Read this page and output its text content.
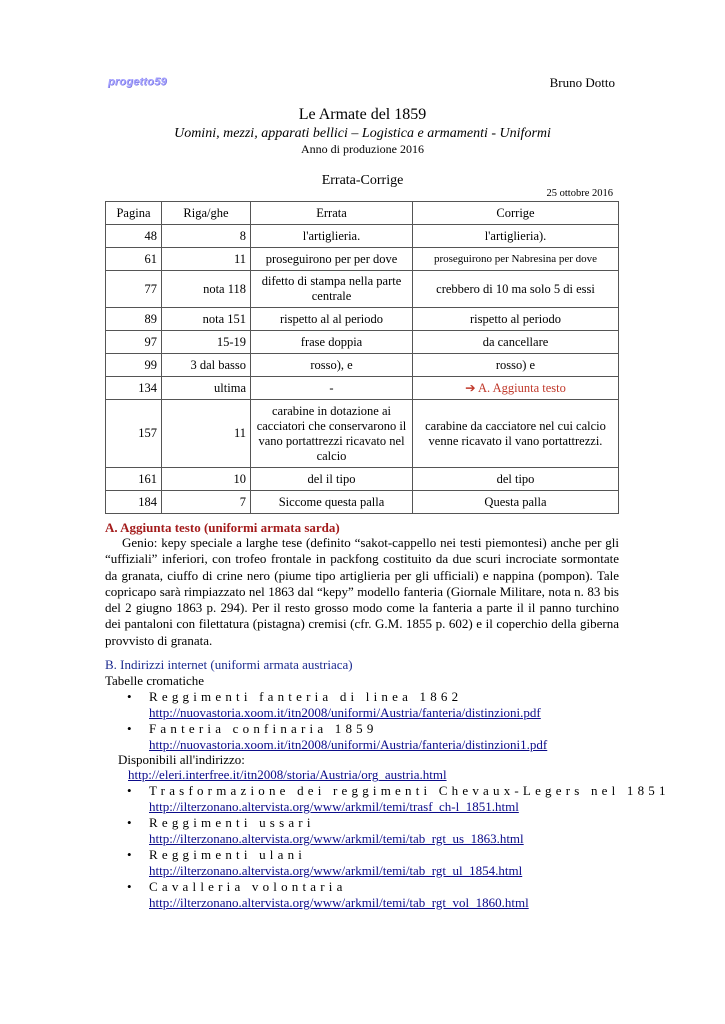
progetto59	Bruno Dotto
Le Armate del 1859
Uomini, mezzi, apparati bellici – Logistica e armamenti - Uniformi
Anno di produzione 2016
Errata-Corrige
25 ottobre 2016
Pagina	Riga/ghe	Errata	Corrige
48	8	l'artiglieria.	l'artiglieria).
61	11	proseguirono per per dove	proseguirono per Nabresina per dove
77	nota 118	difetto di stampa nella parte centrale	crebbero di 10 ma solo 5 di essi
89	nota 151	rispetto al al periodo	rispetto al periodo
97	15-19	frase doppia	da cancellare
99	3 dal basso	rosso), e	rosso) e
134	ultima	-	➔ A. Aggiunta testo
157	11	carabine in dotazione ai cacciatori che conservarono il vano portattrezzi ricavato nel calcio	carabine da cacciatore nel cui calcio venne ricavato il vano portattrezzi.
161	10	del il tipo	del tipo
184	7	Siccome questa palla	Questa palla
A. Aggiunta testo (uniformi armata sarda)
Genio: kepy speciale a larghe tese (definito “sakot-cappello nei testi piemontesi) anche per gli “uffiziali” inferiori, con trofeo frontale in packfong costituito da due scuri incrociate sormontate da granata, ciuffo di crine nero (piume tipo artiglieria per gli ufficiali) e nappina (pompon). Tale copricapo sarà rimpiazzato nel 1863 dal “kepy” modello fanteria (Giornale Militare, nota n. 83 bis del 2 giugno 1863 p. 294). Per il resto grosso modo come la fanteria a parte il il panno turchino dei pantaloni con filettatura (pistagna) cremisi (cfr. G.M. 1855 p. 602) e il coperchio della giberna provvisto di granata.
B. Indirizzi internet (uniformi armata austriaca)
Tabelle cromatiche
• Reggimenti fanteria di linea 1862
http://nuovastoria.xoom.it/itn2008/uniformi/Austria/fanteria/distinzioni.pdf
• Fanteria confinaria 1859
http://nuovastoria.xoom.it/itn2008/uniformi/Austria/fanteria/distinzioni1.pdf
Disponibili all'indirizzo:
http://eleri.interfree.it/itn2008/storia/Austria/org_austria.html
• Trasformazione dei reggimenti Chevaux-Legers nel 1851
http://ilterzonano.altervista.org/www/arkmil/temi/trasf_ch-l_1851.html
• Reggimenti ussari
http://ilterzonano.altervista.org/www/arkmil/temi/tab_rgt_us_1863.html
• Reggimenti ulani
http://ilterzonano.altervista.org/www/arkmil/temi/tab_rgt_ul_1854.html
• Cavalleria volontaria
http://ilterzonano.altervista.org/www/arkmil/temi/tab_rgt_vol_1860.html
